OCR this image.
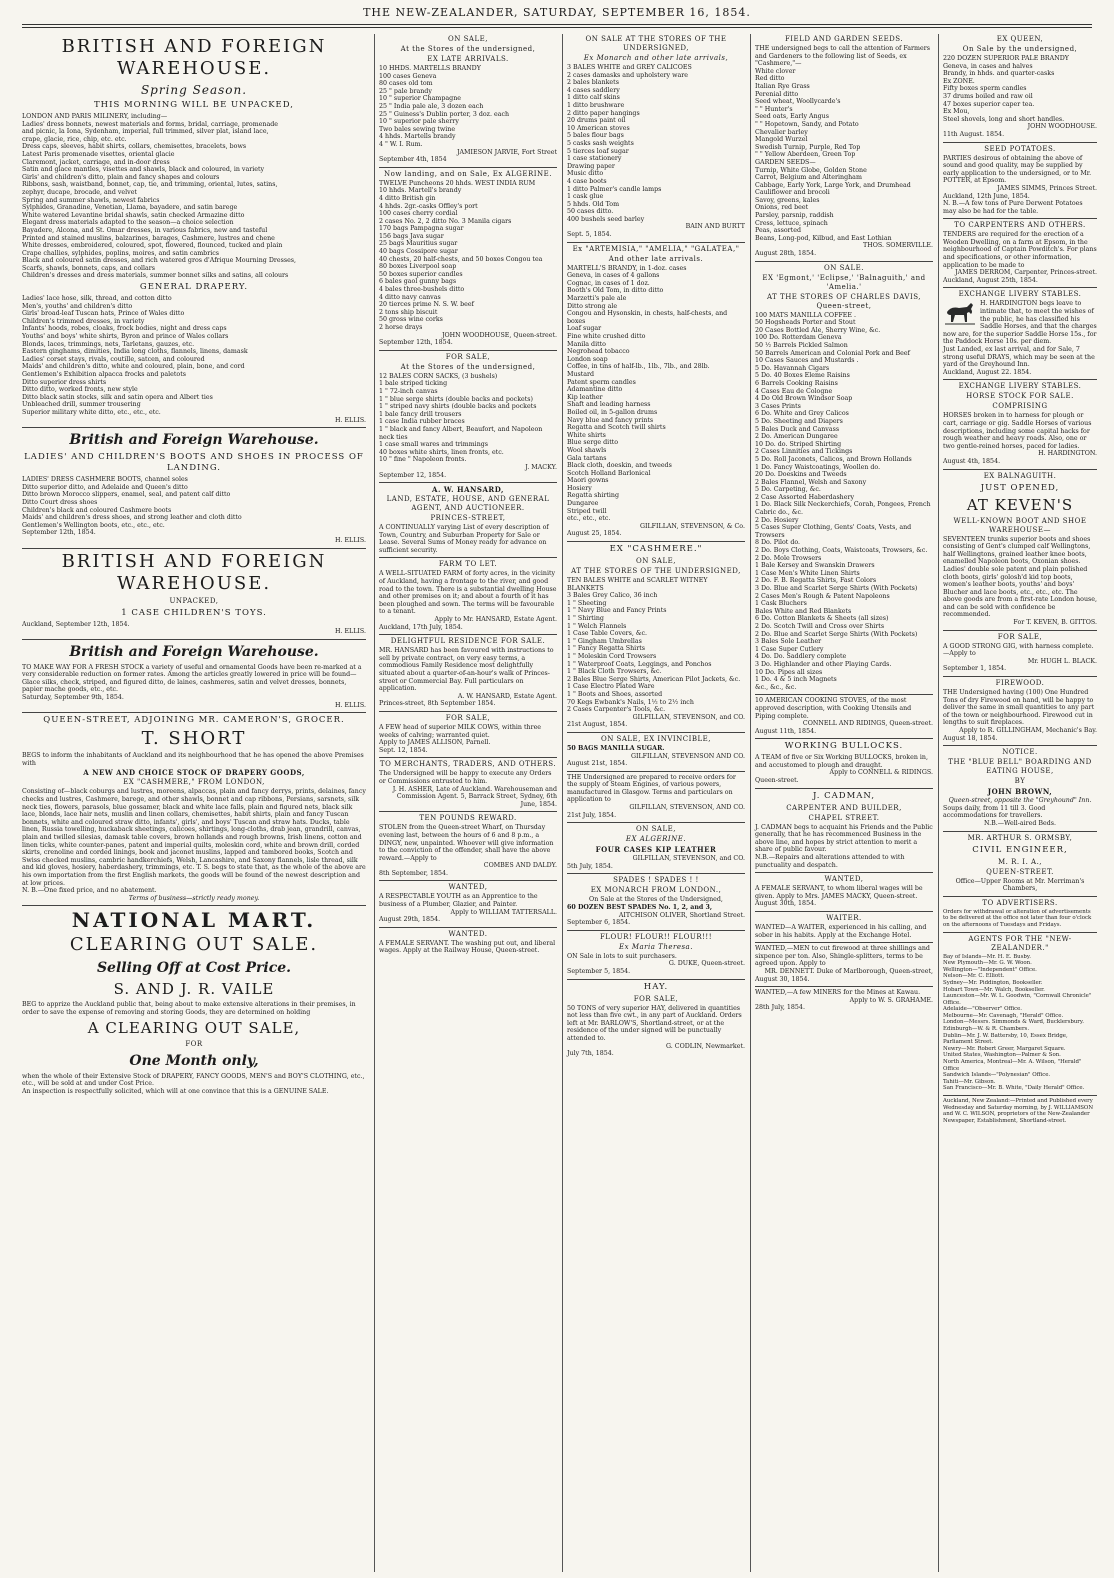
THE NEW-ZEALANDER, SATURDAY, SEPTEMBER 16, 1854.
BRITISH AND FOREIGN WAREHOUSE.
Spring Season.
THIS MORNING WILL BE UNPACKED,
LONDON AND PARIS MILINERY, including—
Ladies' dress bonnets, newest materials and forms, bridal, carriage, promenade
and picnic, la Iona, Sydenham, imperial, full trimmed, silver plat, island lace,
crape, glacie, rice, chip, etc. etc.
Dress caps, sleeves, habit shirts, collars, chemisettes, bracelets, bows
Latest Paris promenade visettes, oriental glacie
Claremont, jacket, carriage, and in-door dress
Satin and glace mantles, visettes and shawls, black and coloured, in variety
Girls' and children's ditto, plain and fancy shapes and colours
Ribbons, sash, waistband, bonnet, cap, tie, and trimming, oriental, lutes, satins,
zephyr, ducape, brocade, and velvet
Spring and summer shawls, newest fabrics
Sylphides, Granadine, Venetian, Llama, bayadere, and satin barege
White watered Levantine bridal shawls, satin checked Armazine ditto
Elegant dress materials adapted to the season—a choice selection
Bayadere, Alcona, and St. Omar dresses, in various fabrics, new and tasteful
Printed and stained muslins, balzarines, barages, Cashmere, lustres and chene
White dresses, embroidered, coloured, spot, flowered, flounced, tucked and plain
Crape challies, sylphides, poplins, moires, and satin cambrics
Black and coloured satin dresses, and rich watered gros d'Afrique Mourning Dresses,
Scarfs, shawls, bonnets, caps, and collars
Children's dresses and dress materials, summer bonnet silks and satins, all colours
GENERAL DRAPERY.
Ladies' lace hose, silk, thread, and cotton ditto
Men's, youths' and children's ditto
Girls' broad-leaf Tuscan hats, Prince of Wales ditto
Children's trimmed dresses, in variety
Infants' hoods, robes, cloaks, frock bodies, night and dress caps
Youths' and boys' white shirts, Byron and prince of Wales collars
Blonds, laces, trimmings, nets, Tarletans, gauzes, etc.
Eastern ginghams, dimities, India long cloths, flannels, linens, damask
Ladies' corset stays, rivals, coutille, satcen, and coloured
Maids' and children's ditto, white and coloured, plain, bone, and cord
Gentlemen's Exhibition alpacca frocks and paletots
Ditto superior dress shirts
Ditto ditto, worked fronts, new style
Ditto black satin stocks, silk and satin opera and Albert ties
Unbleached drill, summer trousering
Superior military white ditto, etc., etc., etc.
H. ELLIS.
British and Foreign Warehouse.
LADIES' AND CHILDREN'S BOOTS AND SHOES IN PROCESS OF LANDING.
LADIES' DRESS CASHMERE BOOTS, channel soles
Ditto superior ditto, and Adelaide and Queen's ditto
Ditto brown Morocco slippers, enamel, seal, and patent calf ditto
Ditto Court dress shoes
Children's black and coloured Cashmere boots
Maids' and children's dress shoes, and strong leather and cloth ditto
Gentlemen's Wellington boots, etc., etc., etc.
September 12th, 1854.
H. ELLIS.
BRITISH AND FOREIGN WAREHOUSE.
UNPACKED,
1 CASE CHILDREN'S TOYS.
Auckland, September 12th, 1854.
H. ELLIS.
British and Foreign Warehouse.
TO MAKE WAY FOR A FRESH STOCK a variety of useful and ornamental Goods have been re-marked at a very considerable reduction on former rates. Among the articles greatly lowered in price will be found—Glace silks, check, striped, and figured ditto, de laines, cashmeres, satin and velvet dresses, bonnets, papier mache goods, etc., etc.
Saturday, September 9th, 1854.
H. ELLIS.
QUEEN-STREET, ADJOINING MR. CAMERON'S, GROCER.
T. SHORT
BEGS to inform the inhabitants of Auckland and its neighbourhood that he has opened the above Premises with
A NEW AND CHOICE STOCK OF DRAPERY GOODS,
EX "CASHMERE," FROM LONDON,
Consisting of—black coburgs and lustres, moreens, alpaccas, plain and fancy derrys, prints, delaines, fancy checks and lustres, Cashmere, barege, and other shawls, bonnet and cap ribbons, Persians, sarsnets, silk neck ties, flowers, parasols, blue gossamer, black and white lace falls, plain and figured nets, black silk lace, blonds, lace hair nets, muslin and linen collars, chemisettes, habit shirts, plain and fancy Tuscan bonnets, white and coloured straw ditto, infants', girls', and boys' Tuscan and straw hats. Ducks, table linen, Russia towelling, huckaback sheetings, calicoes, shirtings, long-cloths, drab jean, grandrill, canvas, plain and twilled silesias, damask table covers, brown hollands and rough browns, Irish linens, cotton and linen ticks, white counter-panes, patent and imperial quilts, moleskin cord, white and brown drill, corded skirts, crenoline and corded linings, book and jaconet muslins, lapped and tambored books, Scotch and Swiss checked muslins, cambric handkerchiefs, Welsh, Lancashire, and Saxony flannels, lisle thread, silk and kid gloves, hosiery, haberdashery, trimmings, etc. T. S. begs to state that, as the whole of the above are his own importation from the first English markets, the goods will be found of the newest description and at low prices.
N. B.—One fixed price, and no abatement.
Terms of business—strictly ready money.
NATIONAL MART.
CLEARING OUT SALE.
Selling Off at Cost Price.
S. AND J. R. VAILE
BEG to apprize the Auckland public that, being about to make extensive alterations in their premises, in order to save the expense of removing and storing Goods, they are determined on holding
A CLEARING OUT SALE,
FOR
One Month only,
when the whole of their Extensive Stock of DRAPERY, FANCY GOODS, MEN'S and BOY'S CLOTHING, etc., etc., will be sold at and under Cost Price.
An inspection is respectfully solicited, which will at one convince that this is a GENUINE SALE.
ON SALE,
At the Stores of the undersigned,
EX LATE ARRIVALS.
10 HHDS. MARTELLS BRANDY
100 cases Geneva
80 cases old tom
25 " pale brandy
10 " superior Champagne
25 " India pale ale, 3 dozen each
25 " Guiness's Dublin porter, 3 doz. each
10 " superior pale sherry
Two bales sewing twine
4 hhds. Martells brandy
4 " W. I. Rum.
JAMIESON JARVIE, Fort Street
September 4th, 1854
Now landing, and on Sale, Ex ALGERINE.
TWELVE Puncheons 20 hhds. WEST INDIA RUM
10 hhds. Martell's brandy
4 ditto British gin
4 hhds. 2gr.-casks Offley's port
100 cases cherry cordial
2 cases No. 2, 2 ditto No. 3 Manila cigars
170 bags Pampagna sugar
156 bags Java sugar
25 bags Mauritius sugar
40 bags Cossipore sugar
40 chests, 20 half-chests, and 50 boxes Congou tea
80 boxes Liverpool soap
50 boxes superior candles
6 bales gaol gunny bags
4 bales three-bushels ditto
4 ditto navy canvas
20 tierces prime N. S. W. beef
2 tons ship biscuit
50 gross wine corks
2 horse drays
JOHN WOODHOUSE, Queen-street.
September 12th, 1854.
FOR SALE,
At the Stores of the undersigned,
12 BALES CORN SACKS, (3 bushels)
1 bale striped ticking
1 " 72-inch canvas
1 " blue serge shirts (double backs and pockets)
1 " striped navy shirts (double backs and pockets
1 bale fancy drill trousers
1 case India rubber braces
1 " black and fancy Albert, Beaufort, and Napoleon neck ties
1 case small wares and trimmings
40 boxes white shirts, linen fronts, etc.
10 " fine " Napoleon fronts.
J. MACKY.
September 12, 1854.
A. W. HANSARD,
LAND, ESTATE, HOUSE, AND GENERAL AGENT, AND AUCTIONEER.
PRINCES-STREET,
A CONTINUALLY varying List of every description of Town, Country, and Suburban Property for Sale or Lease. Several Sums of Money ready for advance on sufficient security.
FARM TO LET.
A WELL-SITUATED FARM of forty acres, in the vicinity of Auckland, having a frontage to the river, and good road to the town. There is a substantial dwelling House and other premises on it; and about a fourth of it has been ploughed and sown. The terms will be favourable to a tenant.
Apply to Mr. HANSARD, Estate Agent.
Auckland, 17th July, 1854.
DELIGHTFUL RESIDENCE FOR SALE.
MR. HANSARD has been favoured with instructions to sell by private contract, on very easy terms, a commodious Family Residence most delightfully situated about a quarter-of-an-hour's walk of Princes-street or Commercial Bay. Full particulars on application.
A. W. HANSARD, Estate Agent.
Princes-street, 8th September 1854.
FOR SALE,
A FEW head of superior MILK COWS, within three weeks of calving; warranted quiet.
Apply to JAMES ALLISON, Parnell.
Sept. 12, 1854.
TO MERCHANTS, TRADERS, AND OTHERS.
The Undersigned will be happy to execute any Orders or Commissions entrusted to him.
J. H. ASHER, Late of Auckland. Warehouseman and Commission Agent. 5, Barrack Street, Sydney, 6th June, 1854.
TEN POUNDS REWARD.
STOLEN from the Queen-street Wharf, on Thursday evening last, between the hours of 6 and 8 p.m., a DINGY, new, unpainted. Whoever will give information to the conviction of the offender, shall have the above reward.—Apply to
COMBES AND DALDY.
8th September, 1854.
WANTED,
A RESPECTABLE YOUTH as an Apprentice to the business of a Plumber, Glazier, and Painter.
Apply to WILLIAM TATTERSALL.
August 29th, 1854.
WANTED.
A FEMALE SERVANT. The washing put out, and liberal wages. Apply at the Railway House, Queen-street.
ON SALE AT THE STORES OF THE UNDERSIGNED,
Ex Monarch and other late arrivals,
3 BALES WHITE and GREY CALICOES
2 cases damasks and upholstery ware
2 bales blankets
4 cases saddlery
1 ditto calf skins
1 ditto brushware
2 ditto paper hangings
20 drums paint oil
10 American stoves
5 bales flour bags
5 casks sash weights
5 tierces loaf sugar
1 case stationery
Drawing paper
Music ditto
4 case boots
1 ditto Palmer's candle lamps
1 cask glue
5 hhds. Old Tom
50 cases ditto.
400 bushels seed barley
BAIN AND BURTT
Sept. 5, 1854.
Ex "ARTEMISIA," "AMELIA," "GALATEA,"
And other late arrivals.
MARTELL'S BRANDY, in 1-doz. cases
Geneva, in cases of 4 gallons
Cognac, in cases of 1 doz.
Booth's Old Tom, in ditto ditto
Marzetti's pale ale
Ditto strong ale
Congou and Hysonskin, in chests, half-chests, and boxes
Loaf sugar
Fine white crushed ditto
Manila ditto
Negrohead tobacco
London soap
Coffee, in tins of half-lb., 1lb., 7lb., and 28lb.
Mustard
Patent sperm candles
Adamantine ditto
Kip leather
Shaft and leading harness
Boiled oil, in 5-gallon drums
Navy blue and fancy prints
Regatta and Scotch twill shirts
White shirts
Blue serge ditto
Wool shawls
Gala tartans
Black cloth, doeskin, and tweeds
Scotch Holland Barlonical
Maori gowns
Hosiery
Regatta shirting
Dungaree
Striped twill
etc., etc., etc.
GILFILLAN, STEVENSON, & Co.
August 25, 1854.
EX "CASHMERE."
ON SALE,
AT THE STORES OF THE UNDERSIGNED,
TEN BALES WHITE and SCARLET WITNEY BLANKETS
3 Bales Grey Calico, 36 inch
1 " Sheeting
1 " Navy Blue and Fancy Prints
1 " Shirting
1 " Welch Flannels
1 Case Table Covers, &c.
1 " Gingham Umbrellas
1 " Fancy Regatta Shirts
1 " Moleskin Cord Trowsers
1 " Waterproof Coats, Leggings, and Ponchos
1 " Black Cloth Trowsers, &c.
2 Bales Blue Serge Shirts, American Pilot Jackets, &c.
1 Case Electro Plated Ware
1 " Boots and Shoes, assorted
70 Kegs Ewbank's Nails, 1½ to 2½ inch
2 Cases Carpenter's Tools, &c.
GILFILLAN, STEVENSON, and CO.
21st August, 1854.
ON SALE, EX INVINCIBLE,
50 BAGS MANILLA SUGAR.
GILFILLAN, STEVENSON AND CO.
August 21st, 1854.
THE Undersigned are prepared to receive orders for the supply of Steam Engines, of various powers, manufactured in Glasgow. Terms and particulars on application to
GILFILLAN, STEVENSON, AND CO.
21st July, 1854.
ON SALE,
EX ALGERINE.
FOUR CASES KIP LEATHER
GILFILLAN, STEVENSON, and CO.
5th July, 1854.
SPADES ! SPADES ! !
EX MONARCH FROM LONDON.,
On Sale at the Stores of the Undersigned,
60 DOZEN BEST SPADES No. 1, 2, and 3,
AITCHISON OLIVER, Shortland Street.
September 6, 1854.
FLOUR! FLOUR!! FLOUR!!!
Ex Maria Theresa.
ON Sale in lots to suit purchasers.
G. DUKE, Queen-street.
September 5, 1854.
HAY.
FOR SALE,
50 TONS of very superior HAY, delivered in quantities not less than five cwt., in any part of Auckland. Orders left at Mr. BARLOW'S, Shortland-street, or at the residence of the under signed will be punctually attended to.
G. CODLIN, Newmarket.
July 7th, 1854.
FIELD AND GARDEN SEEDS.
THE undersigned begs to call the attention of Farmers and Gardeners to the following list of Seeds, ex "Cashmere,"—
White clover
Red ditto
Italian Rye Grass
Perenial ditto
Seed wheat, Woollycarde's
" " Hunter's
Seed oats, Early Angus
" " Hopetown, Sandy, and Potato
Chevalier barley
Mangold Wurzel
Swedish Turnip, Purple, Red Top
" " Yellow Aberdeen, Green Top
GARDEN SEEDS—
Turnip, White Globe, Golden Stone
Carrot, Belgium and Alteringham
Cabbage, Early York, Large York, and Drumhead
Cauliflower and brocoli
Savoy, greens, kales
Onions, red beet
Parsley, parsnip, raddish
Cress, lettuce, spinach
Peas, assorted
Beans, Long-pod, Kilbud, and East Lothian
THOS. SOMERVILLE.
August 28th, 1854.
ON SALE.
EX 'Egmont,' 'Eclipse,' 'Balnaguith,' and 'Amelia.'
AT THE STORES OF CHARLES DAVIS, Queen-street,
100 MATS MANILLA COFFEE .
50 Hogsheads Porter and Stout
20 Cases Bottled Ale, Sherry Wine, &c.
100 Do. Rotterdam Geneva
50 ½ Barrels Pickled Salmon
50 Barrels American and Colonial Pork and Beef
10 Cases Sauces and Mustards .
5 Do. Havannah Cigars
5 Do. 40 Boxes Eleme Raisins
6 Barrels Cooking Raisins
4 Cases Eau de Cologne
4 Do Old Brown Windsor Soap
3 Cases Prints
6 Do. White and Grey Calicos
5 Do. Sheeting and Diapers
5 Bales Duck and Canvass
2 Do. American Dungaree
10 Do. do. Striped Shirting
2 Cases Linnities and Tickings
5 Do. Roll Jaconets, Calicos, and Brown Hollands
1 Do. Fancy Waistcoatings, Woollen do.
20 Do. Doeskins and Tweeds
2 Bales Flannel, Welsh and Saxony
5 Do. Carpeting, &c.
2 Case Assorted Haberdashery
1 Do. Black Silk Neckerchiefs, Corah, Pongees, French Cabric do., &c.
2 Do. Hosiery
5 Cases Super Clothing, Gents' Coats, Vests, and Trowsers
8 Do. Pilot do.
2 Do. Boys Clothing, Coats, Waistcoats, Trowsers, &c.
2 Do. Mole Trowsers
1 Bale Kersey and Swanskin Drawers
1 Case Men's White Linen Shirts
2 Do. F. B. Regatta Shirts, Fast Colors
3 Do. Blue and Scarlet Serge Shirts (With Pockets)
2 Cases Men's Rough & Patent Napoleons
1 Cask Bluchers
Bales White and Red Blankets
6 Do. Cotton Blankets & Sheets (all sizes)
2 Do. Scotch Twill and Cross over Shirts
2 Do. Blue and Scarlet Serge Shirts (With Pockets)
3 Bales Sole Leather
1 Case Super Cutlery
4 Do. Do. Saddlery complete
3 Do. Highlander and other Playing Cards.
10 Do. Pipes all sizes
1 Do. 4 & 5 inch Magnets
&c., &c., &c.
10 AMERICAN COOKING STOVES, of the most approved description, with Cooking Utensils and Piping complete.
CONNELL AND RIDINGS, Queen-street.
August 11th, 1854.
WORKING BULLOCKS.
A TEAM of five or Six Working BULLOCKS, broken in, and accustomed to plough and draught.
Apply to CONNELL & RIDINGS.
Queen-street.
J. CADMAN,
CARPENTER AND BUILDER,
CHAPEL STREET.
J. CADMAN begs to acquaint his Friends and the Public generally, that he has recommenced Business in the above line, and hopes by strict attention to merit a share of public favour.
N.B.—Repairs and alterations attended to with punctuality and despatch.
WANTED,
A FEMALE SERVANT, to whom liberal wages will be given. Apply to Mrs. JAMES MACKY, Queen-street.
August 30th, 1854.
WAITER.
WANTED—A WAITER, experienced in his calling, and sober in his habits. Apply at the Exchange Hotel.
WANTED,—MEN to cut firewood at three shillings and sixpence per ton. Also, Shingle-splitters, terms to be agreed upon. Apply to
MR. DENNETT. Duke of Marlborough, Queen-street,
August 30, 1854.
WANTED,—A few MINERS for the Mines at Kawau.
Apply to W. S. GRAHAME.
28th July, 1854.
EX QUEEN,
On Sale by the undersigned,
220 DOZEN SUPERIOR PALE BRANDY
Geneva, in cases and halves
Brandy, in hhds. and quarter-casks
Ex ZONE.
Fifty boxes sperm candles
37 drums boiled and raw oil
47 boxes superior caper tea.
Ex Mou,
Steel shovels, long and short handles.
JOHN WOODHOUSE.
11th August. 1854.
SEED POTATOES.
PARTIES desirous of obtaining the above of sound and good quality, may be supplied by early application to the undersigned, or to Mr. POTTER, at Epsom.
JAMES SIMMS, Princes Street.
Auckland, 12th June, 1854.
N. B.—A few tons of Pure Derwent Potatoes may also be had for the table.
TO CARPENTERS AND OTHERS.
TENDERS are required for the erection of a Wooden Dwelling, on a farm at Epsom, in the neighbourhood of Captain Powditch's. For plans and specifications, or other information, application to be made to
JAMES DERROM, Carpenter, Princes-street.
Auckland, August 25th, 1854.
EXCHANGE LIVERY STABLES.
H. HARDINGTON begs leave to intimate that, to meet the wishes of the public, he has classified his Saddle Horses, and that the charges now are, for the superior Saddle Horse 15s., for the Paddock Horse 10s. per diem.
Just Landed, ex last arrival, and for Sale, 7 strong useful DRAYS, which may be seen at the yard of the Greyhound Inn.
Auckland, August 22. 1854.
EXCHANGE LIVERY STABLES.
HORSE STOCK FOR SALE.
COMPRISING
HORSES broken in to harness for plough or cart, carriage or gig. Saddle Horses of various descriptions, including some capital hacks for rough weather and heavy roads. Also, one or two gentle-reined horses, paced for ladies.
H. HARDINGTON.
August 4th, 1854.
EX BALNAGUITH.
JUST OPENED,
AT KEVEN'S
WELL-KNOWN BOOT AND SHOE WAREHOUSE—
SEVENTEEN trunks superior boots and shoes consisting of Gent's clumped calf Wellingtons, half Wellingtons, grained leather knee boots, enamelled Napoleon boots, Oxonian shoes. Ladies' double sole patent and plain polished cloth boots, girls' golosh'd kid top boots, women's leather boots, youths' and boys' Blucher and lace boots, etc., etc., etc. The above goods are from a first-rate London house, and can be sold with confidence be recommended.
For T. KEVEN, B. GITTOS.
FOR SALE,
A GOOD STRONG GIG, with harness complete.—Apply to
Mr. HUGH L. BLACK.
September 1, 1854.
FIREWOOD.
THE Undersigned having (100) One Hundred Tons of dry Firewood on hand, will be happy to deliver the same in small quantities to any part of the town or neighbourhood. Firewood cut in lengths to suit fireplaces.
Apply to R. GILLINGHAM, Mechanic's Bay.
August 18, 1854.
NOTICE.
THE "BLUE BELL" BOARDING AND EATING HOUSE,
BY
JOHN BROWN,
Queen-street, opposite the "Greyhound" Inn.
Soups daily, from 11 till 3. Good accommodations for travellers.
N.B.—Well-aired Beds.
MR. ARTHUR S. ORMSBY,
CIVIL ENGINEER,
M. R. I. A.,
QUEEN-STREET.
Office—Upper Rooms at Mr. Merriman's Chambers,
TO ADVERTISERS.
Orders for withdrawal or alteration of advertisements to be delivered at the office not later than four o'clock on the afternoons of Tuesdays and Fridays.
AGENTS FOR THE "NEW-ZEALANDER."
Bay of Islands—Mr. H. E. Busby.
New Plymouth—Mr. G. W. Woon.
Wellington—"Independent" Office.
Nelson—Mr. C. Elliott.
Sydney—Mr. Piddington, Bookseller.
Hobart Town—Mr. Walch, Bookseller.
Launceston—Mr. W. L. Goodwin, "Cornwall Chronicle" Office.
Adelaide—"Observer" Office.
Melbourne—Mr. Cavenagh, "Herald" Office.
London—Messrs. Simmonds & Ward, Bucklersbury.
Edinburgh—W. & R. Chambers.
Dublin—Mr. J. W. Battersby, 10, Essex Bridge, Parliament Street.
Newry—Mr. Robert Greer, Margaret Square.
United States, Washington—Palmer & Son.
North America, Montreal—Mr. A. Wilson, "Herald" Office
Sandwich Islands—"Polynesian" Office.
Tahiti—Mr. Gibson.
San Francisco—Mr. B. White, "Daily Herald" Office.
Auckland, New Zealand:—Printed and Published every Wednesday and Saturday morning, by J. WILLIAMSON and W. C. WILSON, proprietors of the New-Zealander Newspaper, Establishment, Shortland-street.
